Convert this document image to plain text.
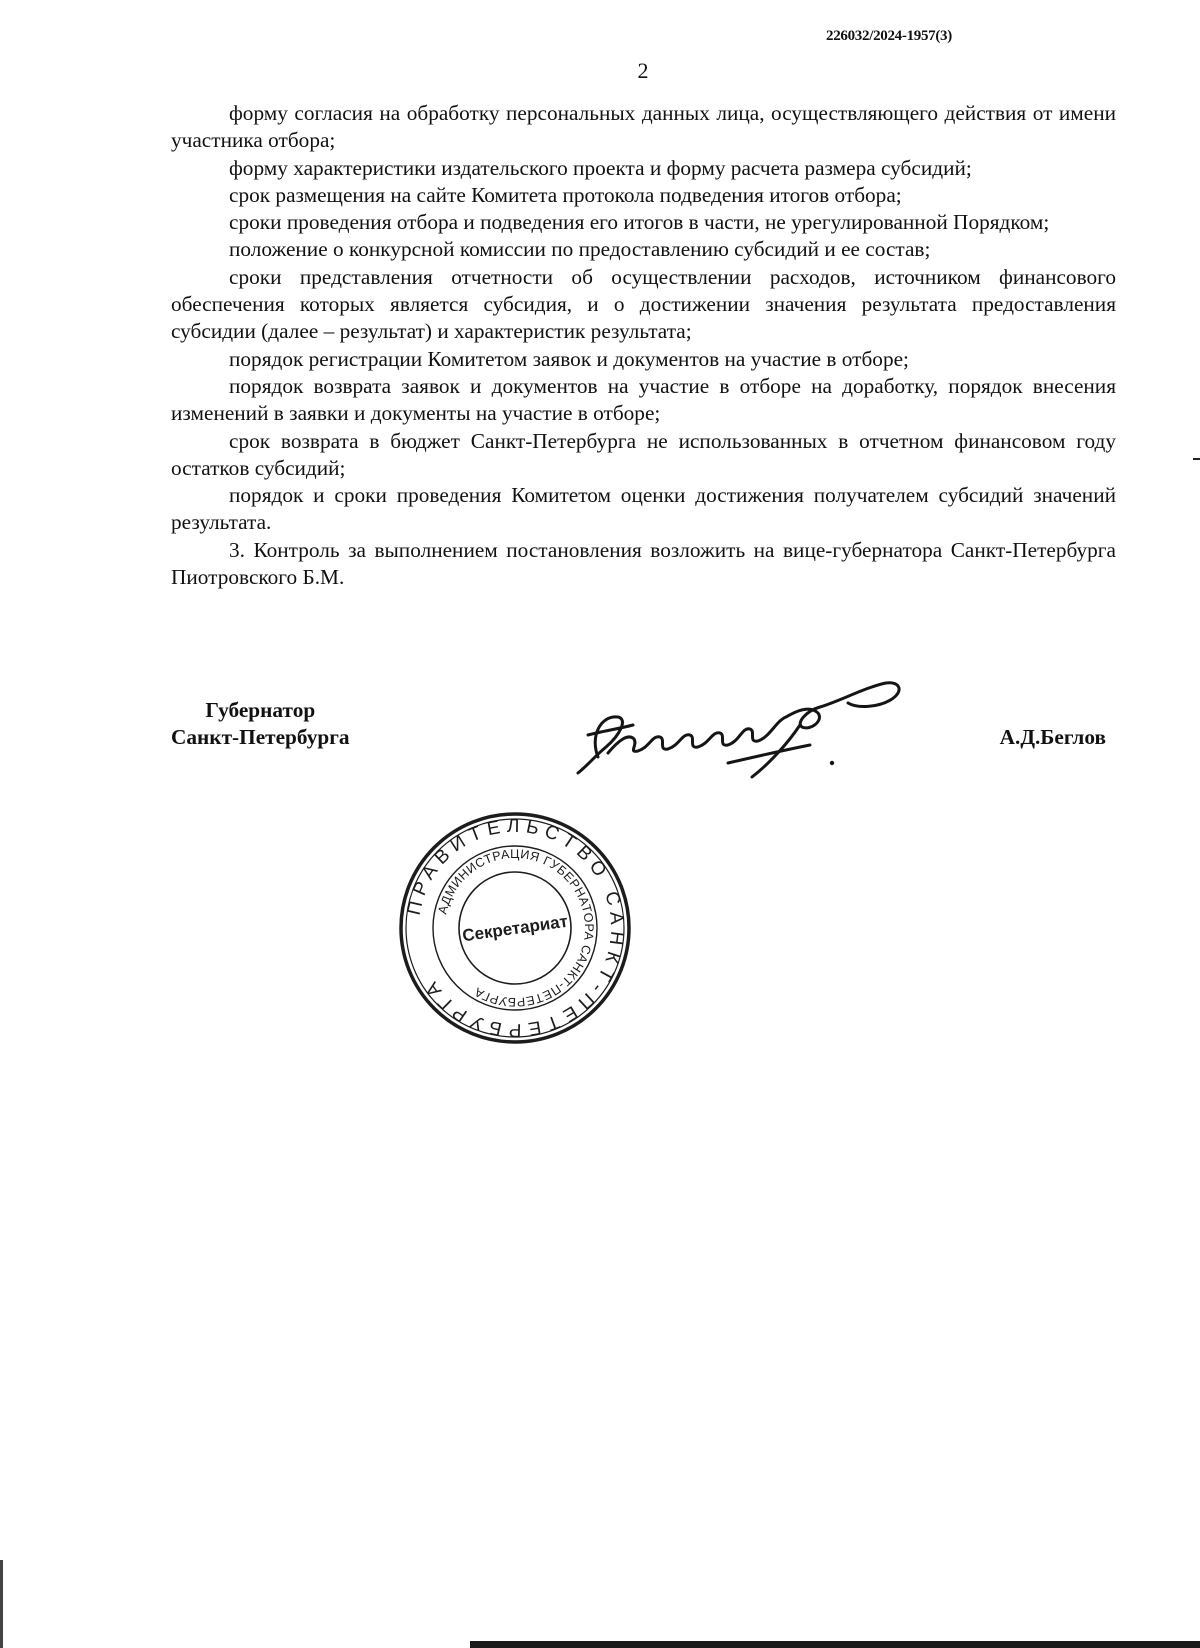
226032/2024-1957(3)
2

форму согласия на обработку персональных данных лица, осуществляющего действия от имени участника отбора;

форму характеристики издательского проекта и форму расчета размера субсидий;

срок размещения на сайте Комитета протокола подведения итогов отбора;

сроки проведения отбора и подведения его итогов в части, не урегулированной Порядком;

положение о конкурсной комиссии по предоставлению субсидий и ее состав;

сроки представления отчетности об осуществлении расходов, источником финансового обеспечения которых является субсидия, и о достижении значения результата предоставления субсидии (далее – результат) и характеристик результата;

порядок регистрации Комитетом заявок и документов на участие в отборе;

порядок возврата заявок и документов на участие в отборе на доработку, порядок внесения изменений в заявки и документы на участие в отборе;

срок возврата в бюджет Санкт-Петербурга не использованных в отчетном финансовом году остатков субсидий;

порядок и сроки проведения Комитетом оценки достижения получателем субсидий значений результата.

3. Контроль за выполнением постановления возложить на вице-губернатора Санкт-Петербурга Пиотровского Б.М.

Губернатор
Санкт-Петербурга	А.Д.Беглов
ПРАВИТЕЛЬСТВО САНКТ-ПЕТЕРБУРГА
АДМИНИСТРАЦИЯ ГУБЕРНАТОРА САНКТ-ПЕТЕРБУРГА
Секретариат
